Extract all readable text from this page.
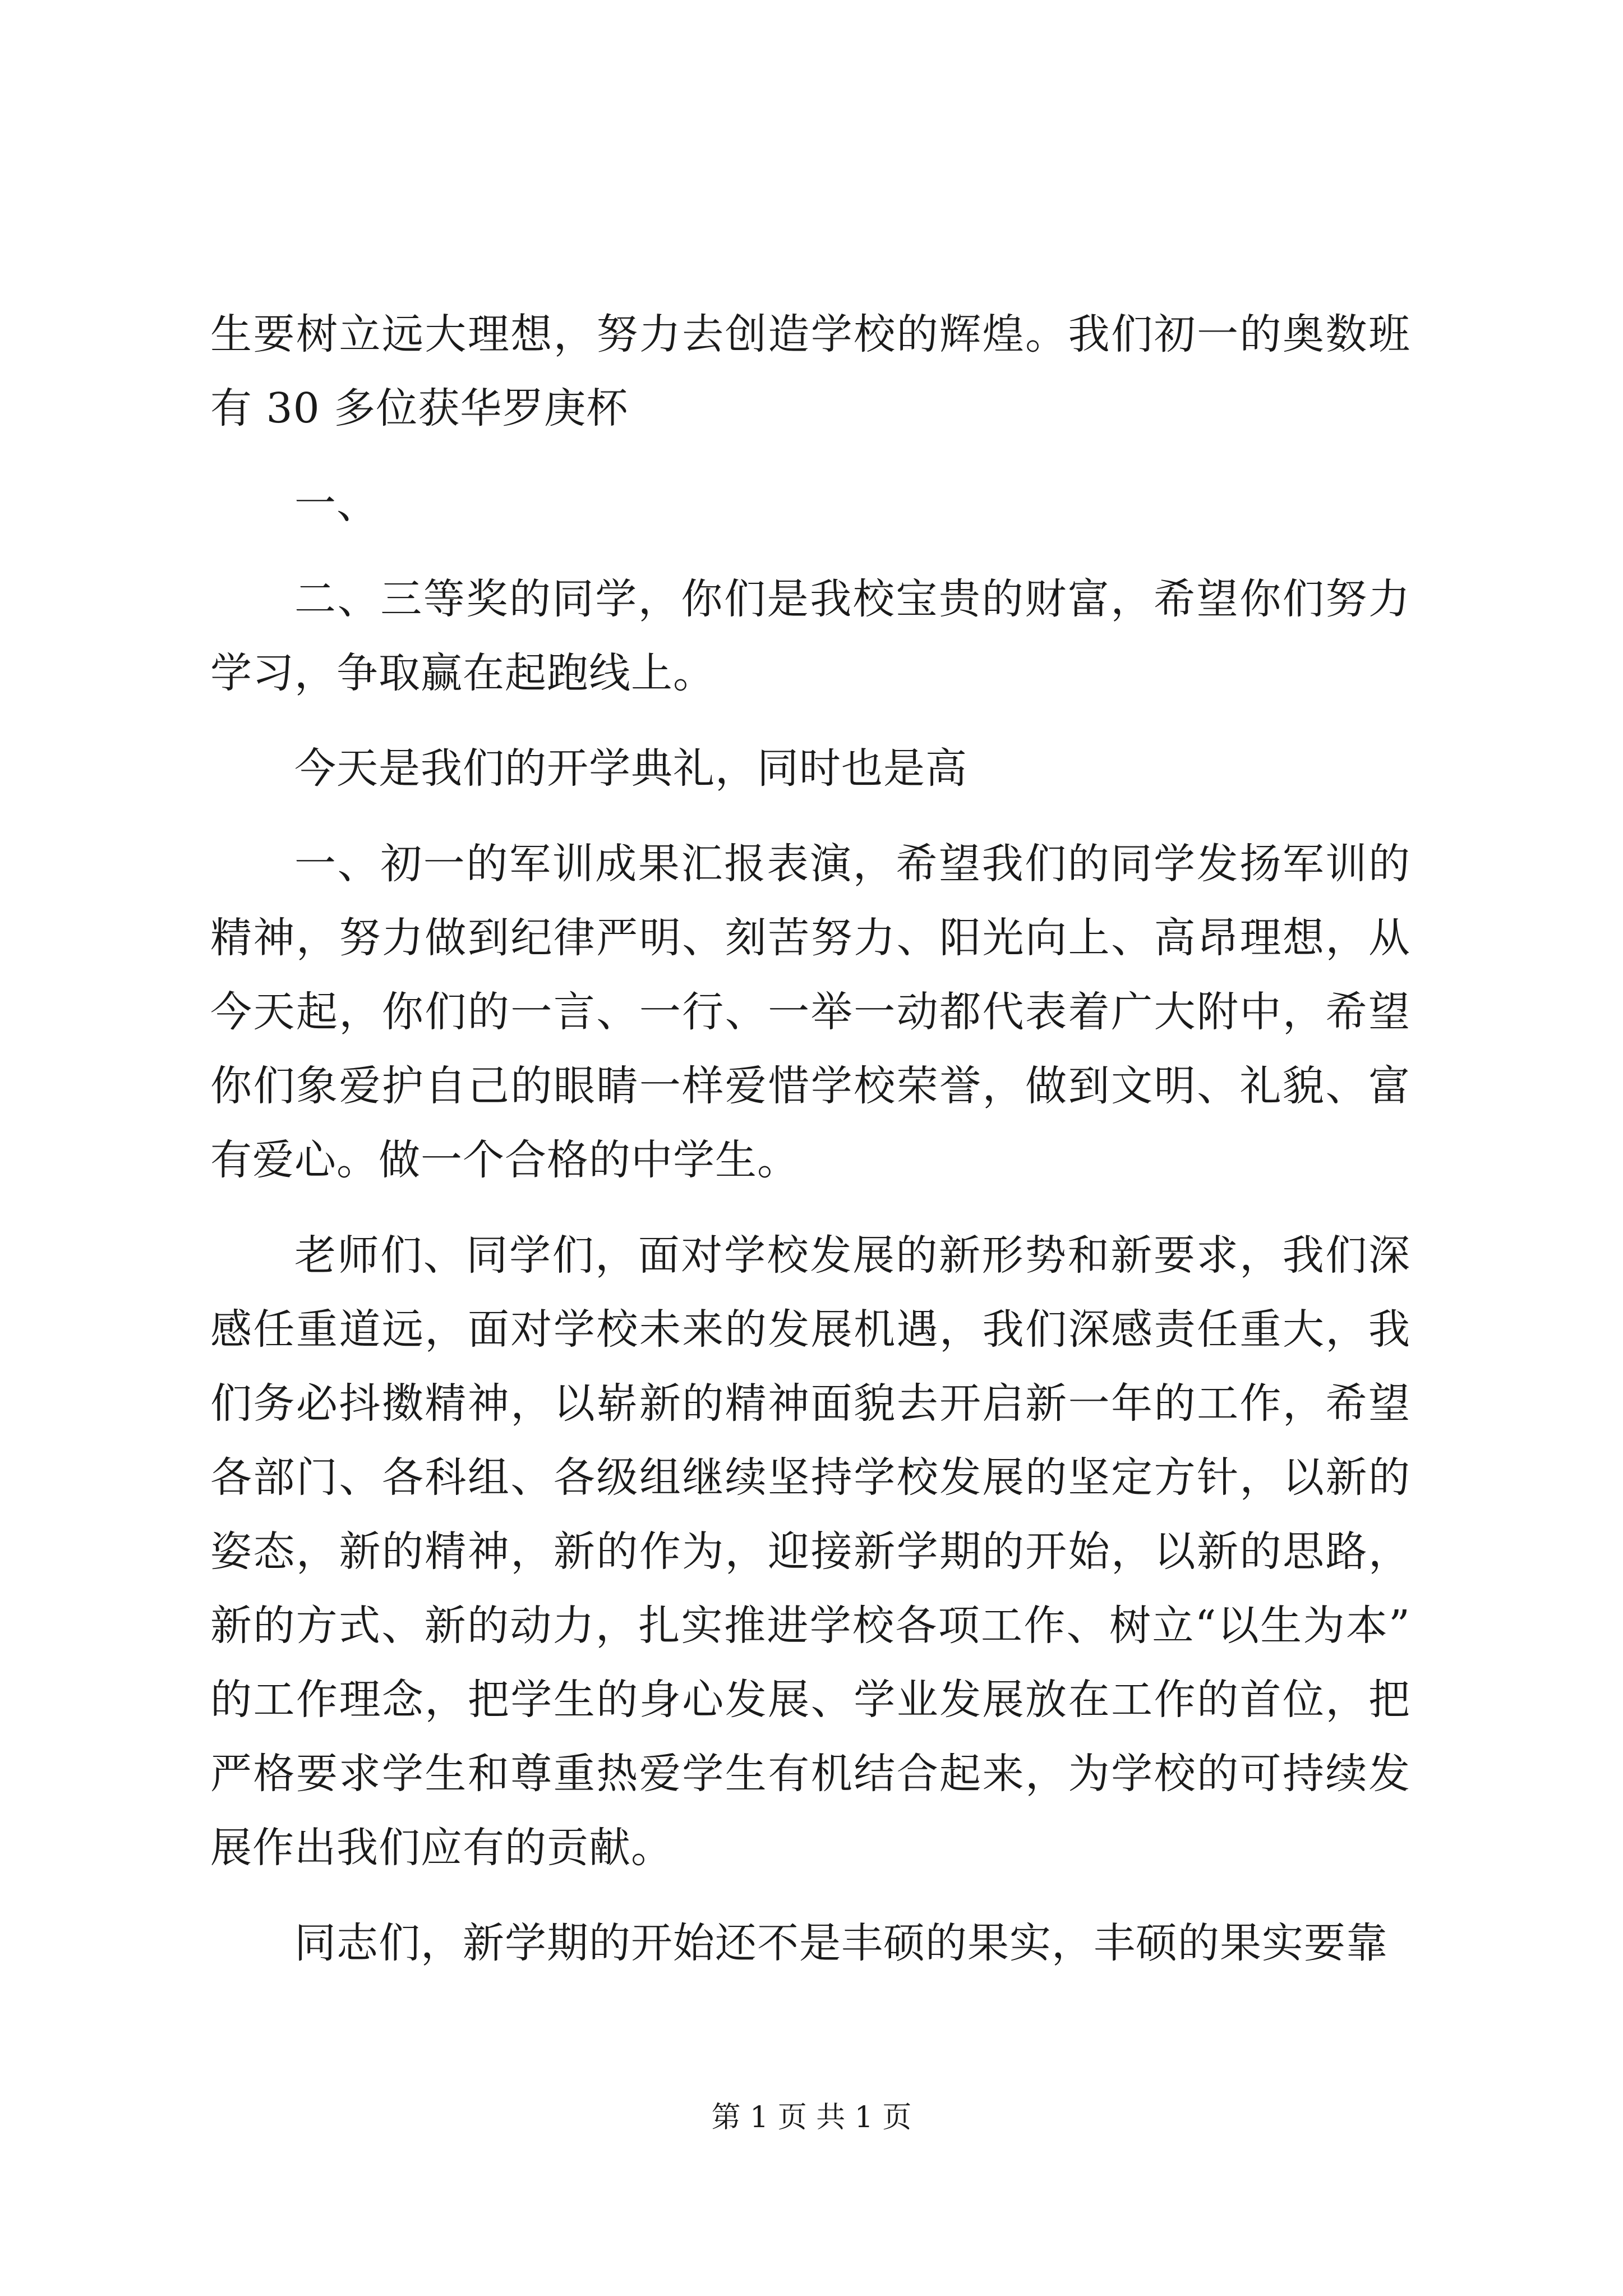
生要树立远大理想，努力去创造学校的辉煌。我们初一的奥数班
有 30 多位获华罗庚杯
一、
二、三等奖的同学，你们是我校宝贵的财富，希望你们努力
学习，争取赢在起跑线上。
今天是我们的开学典礼，同时也是高
一、初一的军训成果汇报表演，希望我们的同学发扬军训的
精神，努力做到纪律严明、刻苦努力、阳光向上、高昂理想，从
今天起，你们的一言、一行、一举一动都代表着广大附中，希望
你们象爱护自己的眼睛一样爱惜学校荣誉，做到文明、礼貌、富
有爱心。做一个合格的中学生。
老师们、同学们，面对学校发展的新形势和新要求，我们深
感任重道远，面对学校未来的发展机遇，我们深感责任重大，我
们务必抖擞精神，以崭新的精神面貌去开启新一年的工作，希望
各部门、各科组、各级组继续坚持学校发展的坚定方针，以新的
姿态，新的精神，新的作为，迎接新学期的开始，以新的思路，
新的方式、新的动力，扎实推进学校各项工作、树立“以生为本”
的工作理念，把学生的身心发展、学业发展放在工作的首位，把
严格要求学生和尊重热爱学生有机结合起来，为学校的可持续发
展作出我们应有的贡献。
同志们，新学期的开始还不是丰硕的果实，丰硕的果实要靠
第 1 页 共 1 页
